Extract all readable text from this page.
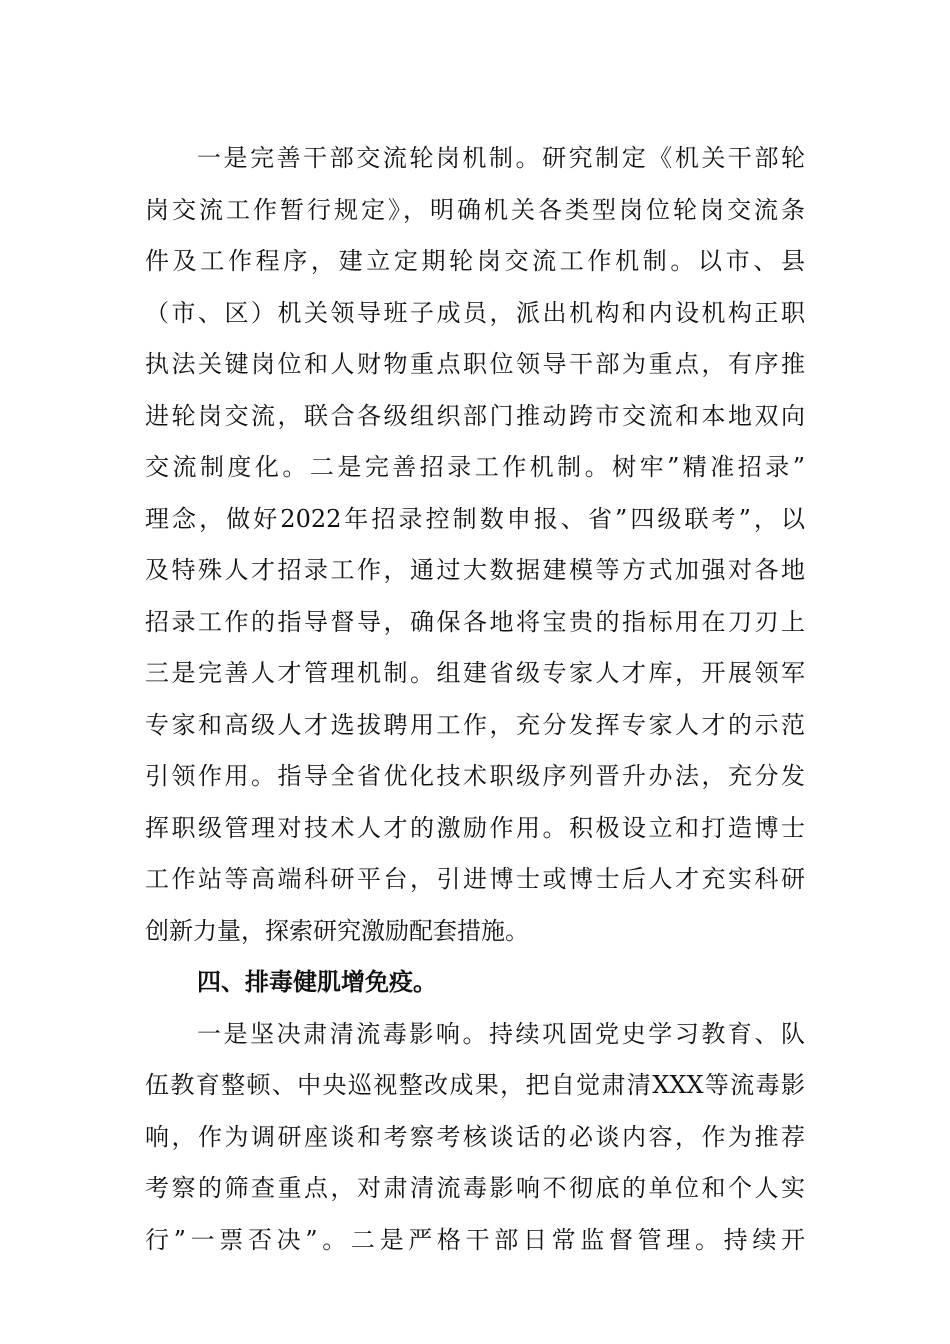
一是完善干部交流轮岗机制。研究制定《机关干部轮
岗交流工作暂行规定》，明确机关各类型岗位轮岗交流条
件及工作程序，建立定期轮岗交流工作机制。以市、县
（市、区）机关领导班子成员，派出机构和内设机构正职
执法关键岗位和人财物重点职位领导干部为重点，有序推
进轮岗交流，联合各级组织部门推动跨市交流和本地双向
交流制度化。二是完善招录工作机制。树牢”精准招录”
理念，做好2022年招录控制数申报、省”四级联考”，以
及特殊人才招录工作，通过大数据建模等方式加强对各地
招录工作的指导督导，确保各地将宝贵的指标用在刀刃上
三是完善人才管理机制。组建省级专家人才库，开展领军
专家和高级人才选拔聘用工作，充分发挥专家人才的示范
引领作用。指导全省优化技术职级序列晋升办法，充分发
挥职级管理对技术人才的激励作用。积极设立和打造博士
工作站等高端科研平台，引进博士或博士后人才充实科研
创新力量，探索研究激励配套措施。
四、排毒健肌增免疫。
一是坚决肃清流毒影响。持续巩固党史学习教育、队
伍教育整顿、中央巡视整改成果，把自觉肃清XXX等流毒影
响，作为调研座谈和考察考核谈话的必谈内容，作为推荐
考察的筛查重点，对肃清流毒影响不彻底的单位和个人实
行”一票否决”。二是严格干部日常监督管理。持续开
